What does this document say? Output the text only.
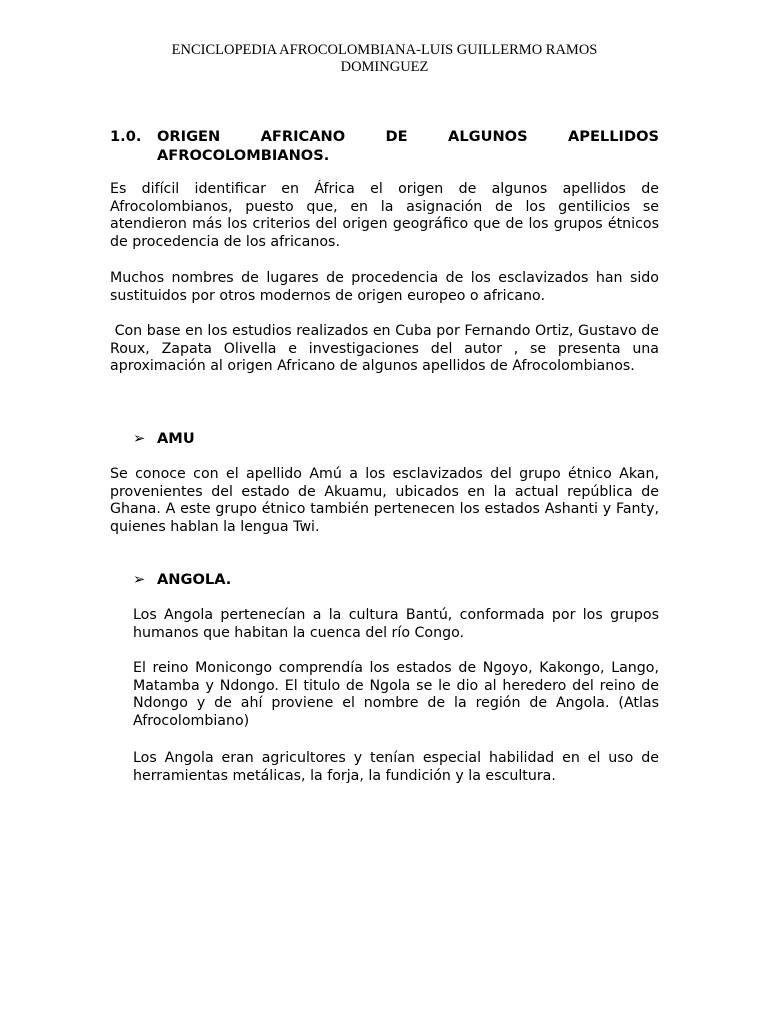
ENCICLOPEDIA AFROCOLOMBIANA-LUIS GUILLERMO RAMOS
DOMINGUEZ
1.0. ORIGEN AFRICANO DE ALGUNOS APELLIDOS
AFROCOLOMBIANOS.

Es difícil identificar en África el origen de algunos apellidos de Afrocolombianos, puesto que, en la asignación de los gentilicios se atendieron más los criterios del origen geográfico que de los grupos étnicos de procedencia de los africanos.

Muchos nombres de lugares de procedencia de los esclavizados han sido sustituidos por otros modernos de origen europeo o africano.

Con base en los estudios realizados en Cuba por Fernando Ortiz, Gustavo de Roux, Zapata Olivella e investigaciones del autor , se presenta una aproximación al origen Africano de algunos apellidos de Afrocolombianos.

➢ AMU

Se conoce con el apellido Amú a los esclavizados del grupo étnico Akan, provenientes del estado de Akuamu, ubicados en la actual república de Ghana. A este grupo étnico también pertenecen los estados Ashanti y Fanty, quienes hablan la lengua Twi.

➢ ANGOLA.

Los Angola pertenecían a la cultura Bantú, conformada por los grupos humanos que habitan la cuenca del río Congo.

El reino Monicongo comprendía los estados de Ngoyo, Kakongo, Lango, Matamba y Ndongo. El titulo de Ngola se le dio al heredero del reino de Ndongo y de ahí proviene el nombre de la región de Angola. (Atlas Afrocolombiano)

Los Angola eran agricultores y tenían especial habilidad en el uso de herramientas metálicas, la forja, la fundición y la escultura.
